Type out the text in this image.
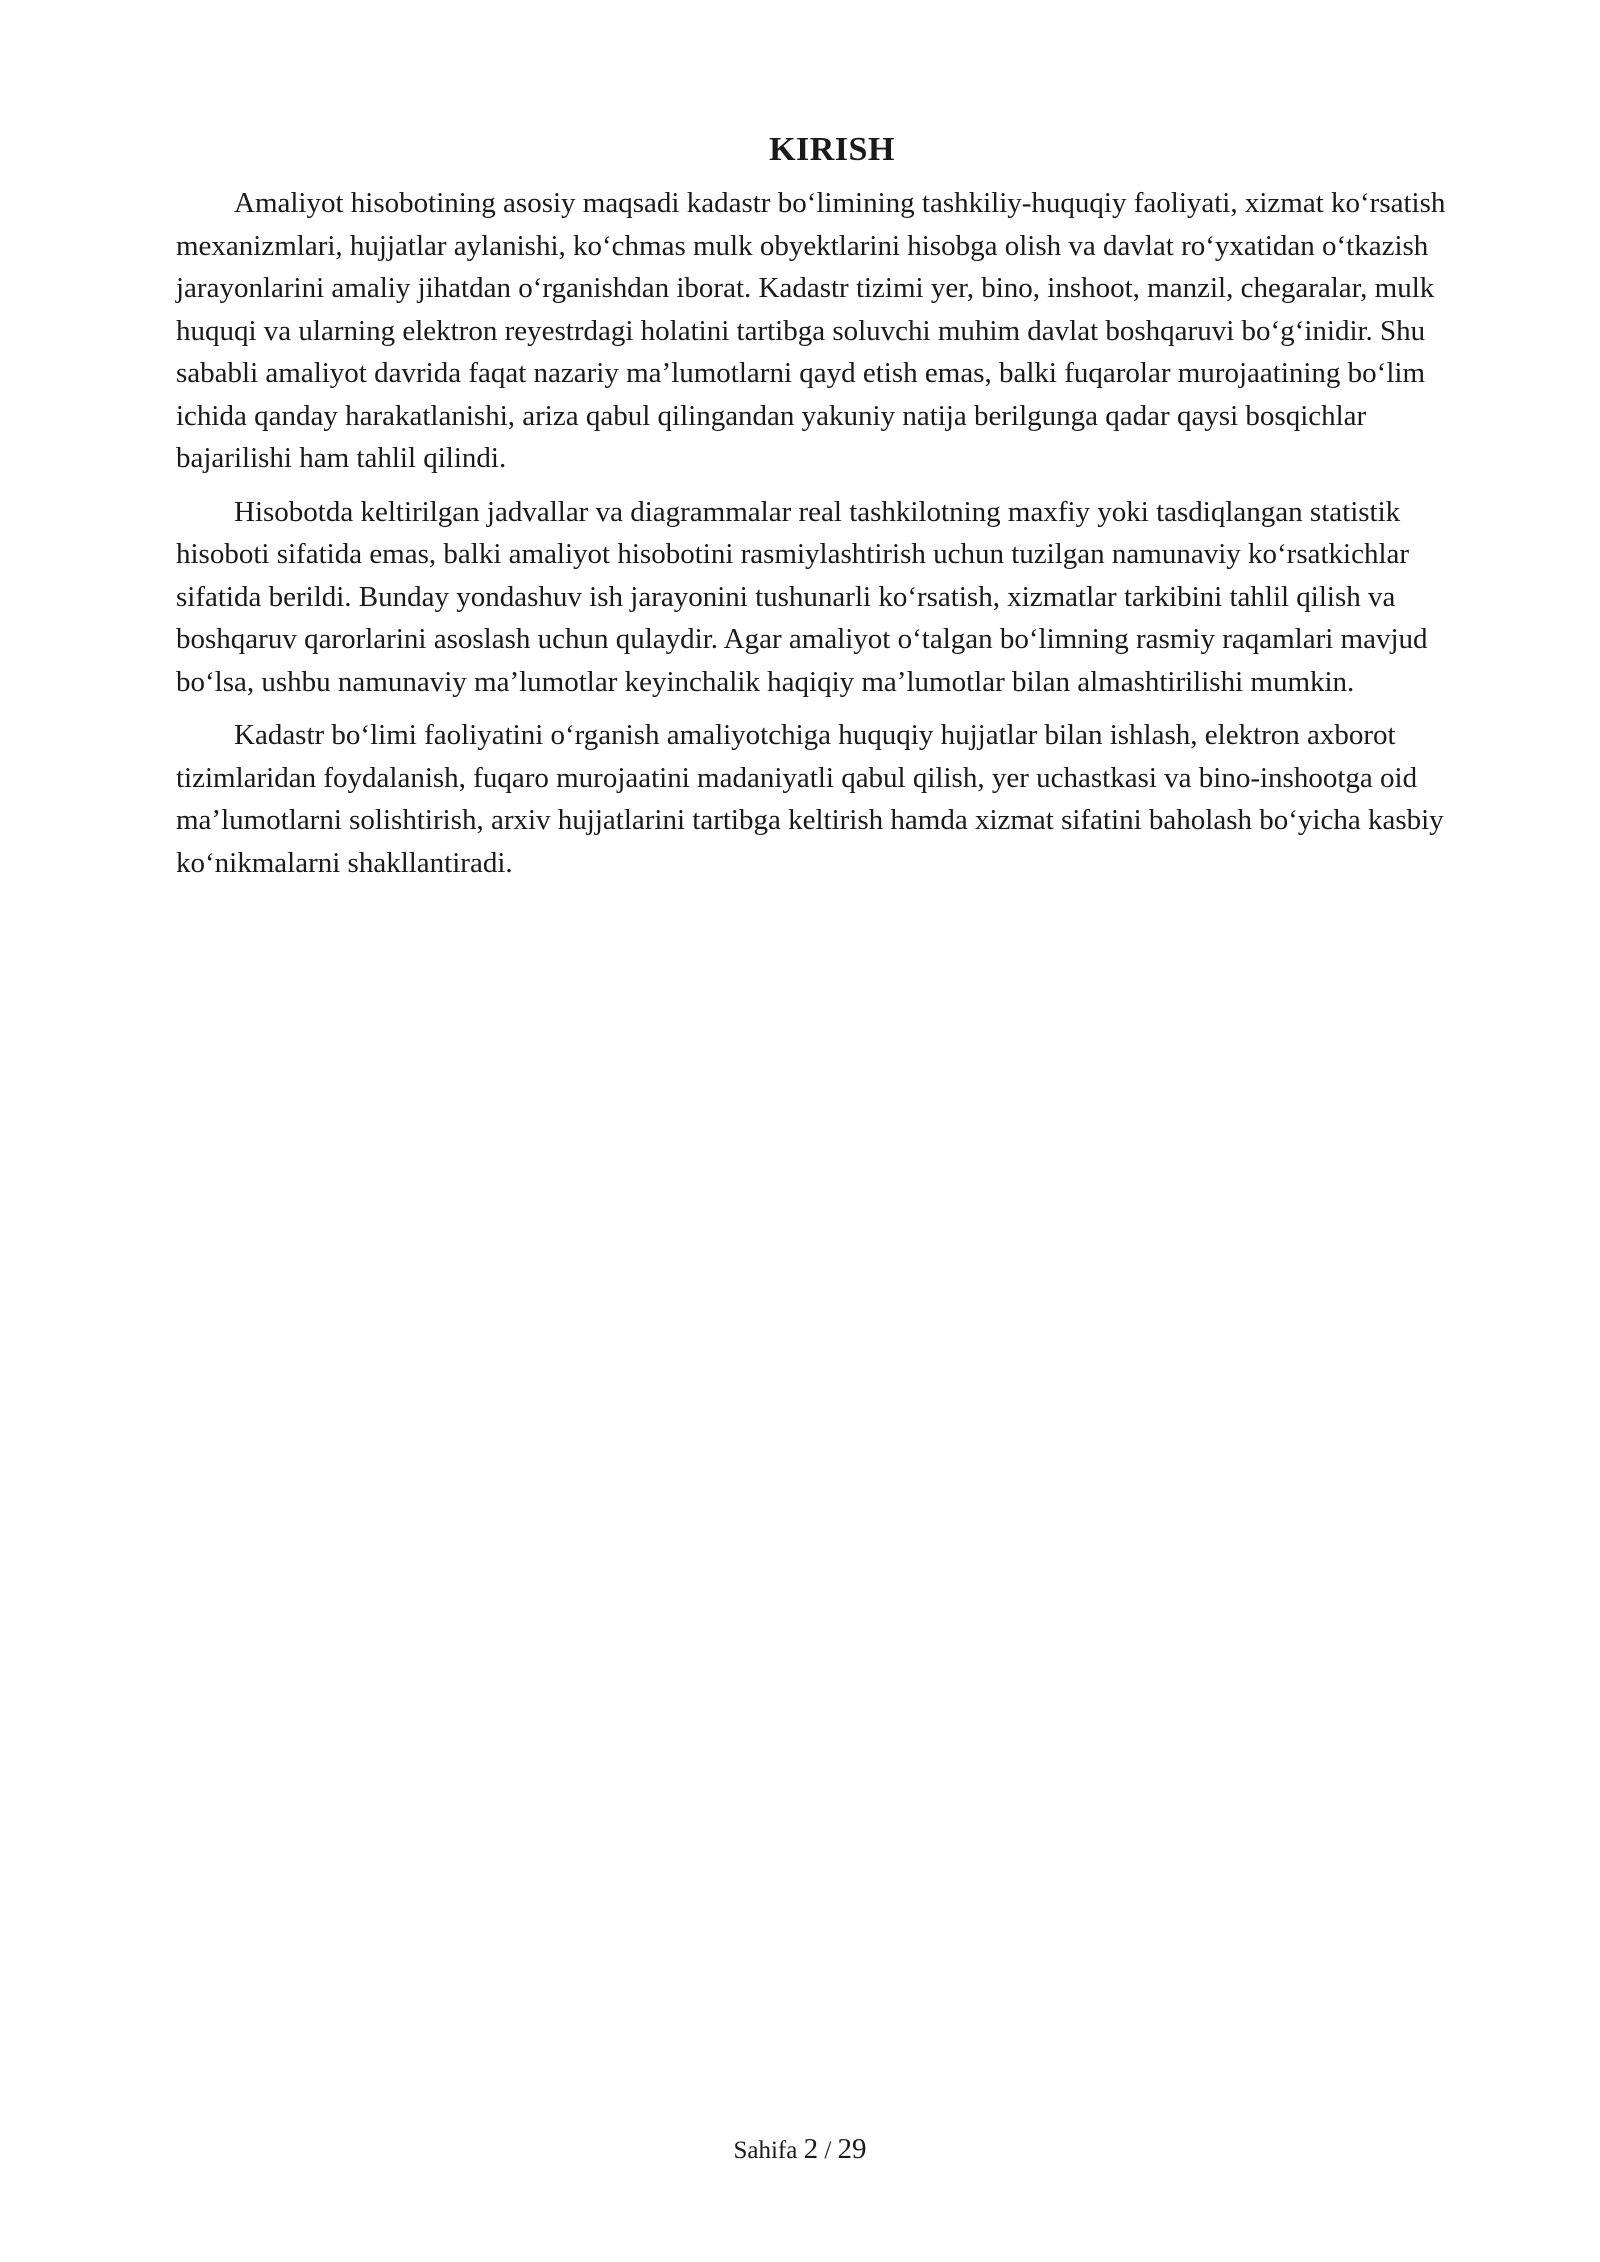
KIRISH

Amaliyot hisobotining asosiy maqsadi kadastr bo‘limining tashkiliy-huquqiy faoliyati, xizmat ko‘rsatish mexanizmlari, hujjatlar aylanishi, ko‘chmas mulk obyektlarini hisobga olish va davlat ro‘yxatidan o‘tkazish jarayonlarini amaliy jihatdan o‘rganishdan iborat. Kadastr tizimi yer, bino, inshoot, manzil, chegaralar, mulk huquqi va ularning elektron reyestrdagi holatini tartibga soluvchi muhim davlat boshqaruvi bo‘g‘inidir. Shu sababli amaliyot davrida faqat nazariy ma’lumotlarni qayd etish emas, balki fuqarolar murojaatining bo‘lim ichida qanday harakatlanishi, ariza qabul qilingandan yakuniy natija berilgunga qadar qaysi bosqichlar bajarilishi ham tahlil qilindi.

Hisobotda keltirilgan jadvallar va diagrammalar real tashkilotning maxfiy yoki tasdiqlangan statistik hisoboti sifatida emas, balki amaliyot hisobotini rasmiylashtirish uchun tuzilgan namunaviy ko‘rsatkichlar sifatida berildi. Bunday yondashuv ish jarayonini tushunarli ko‘rsatish, xizmatlar tarkibini tahlil qilish va boshqaruv qarorlarini asoslash uchun qulaydir. Agar amaliyot o‘talgan bo‘limning rasmiy raqamlari mavjud bo‘lsa, ushbu namunaviy ma’lumotlar keyinchalik haqiqiy ma’lumotlar bilan almashtirilishi mumkin.

Kadastr bo‘limi faoliyatini o‘rganish amaliyotchiga huquqiy hujjatlar bilan ishlash, elektron axborot tizimlaridan foydalanish, fuqaro murojaatini madaniyatli qabul qilish, yer uchastkasi va bino-inshootga oid ma’lumotlarni solishtirish, arxiv hujjatlarini tartibga keltirish hamda xizmat sifatini baholash bo‘yicha kasbiy ko‘nikmalarni shakllantiradi.

Sahifa 2 / 29
